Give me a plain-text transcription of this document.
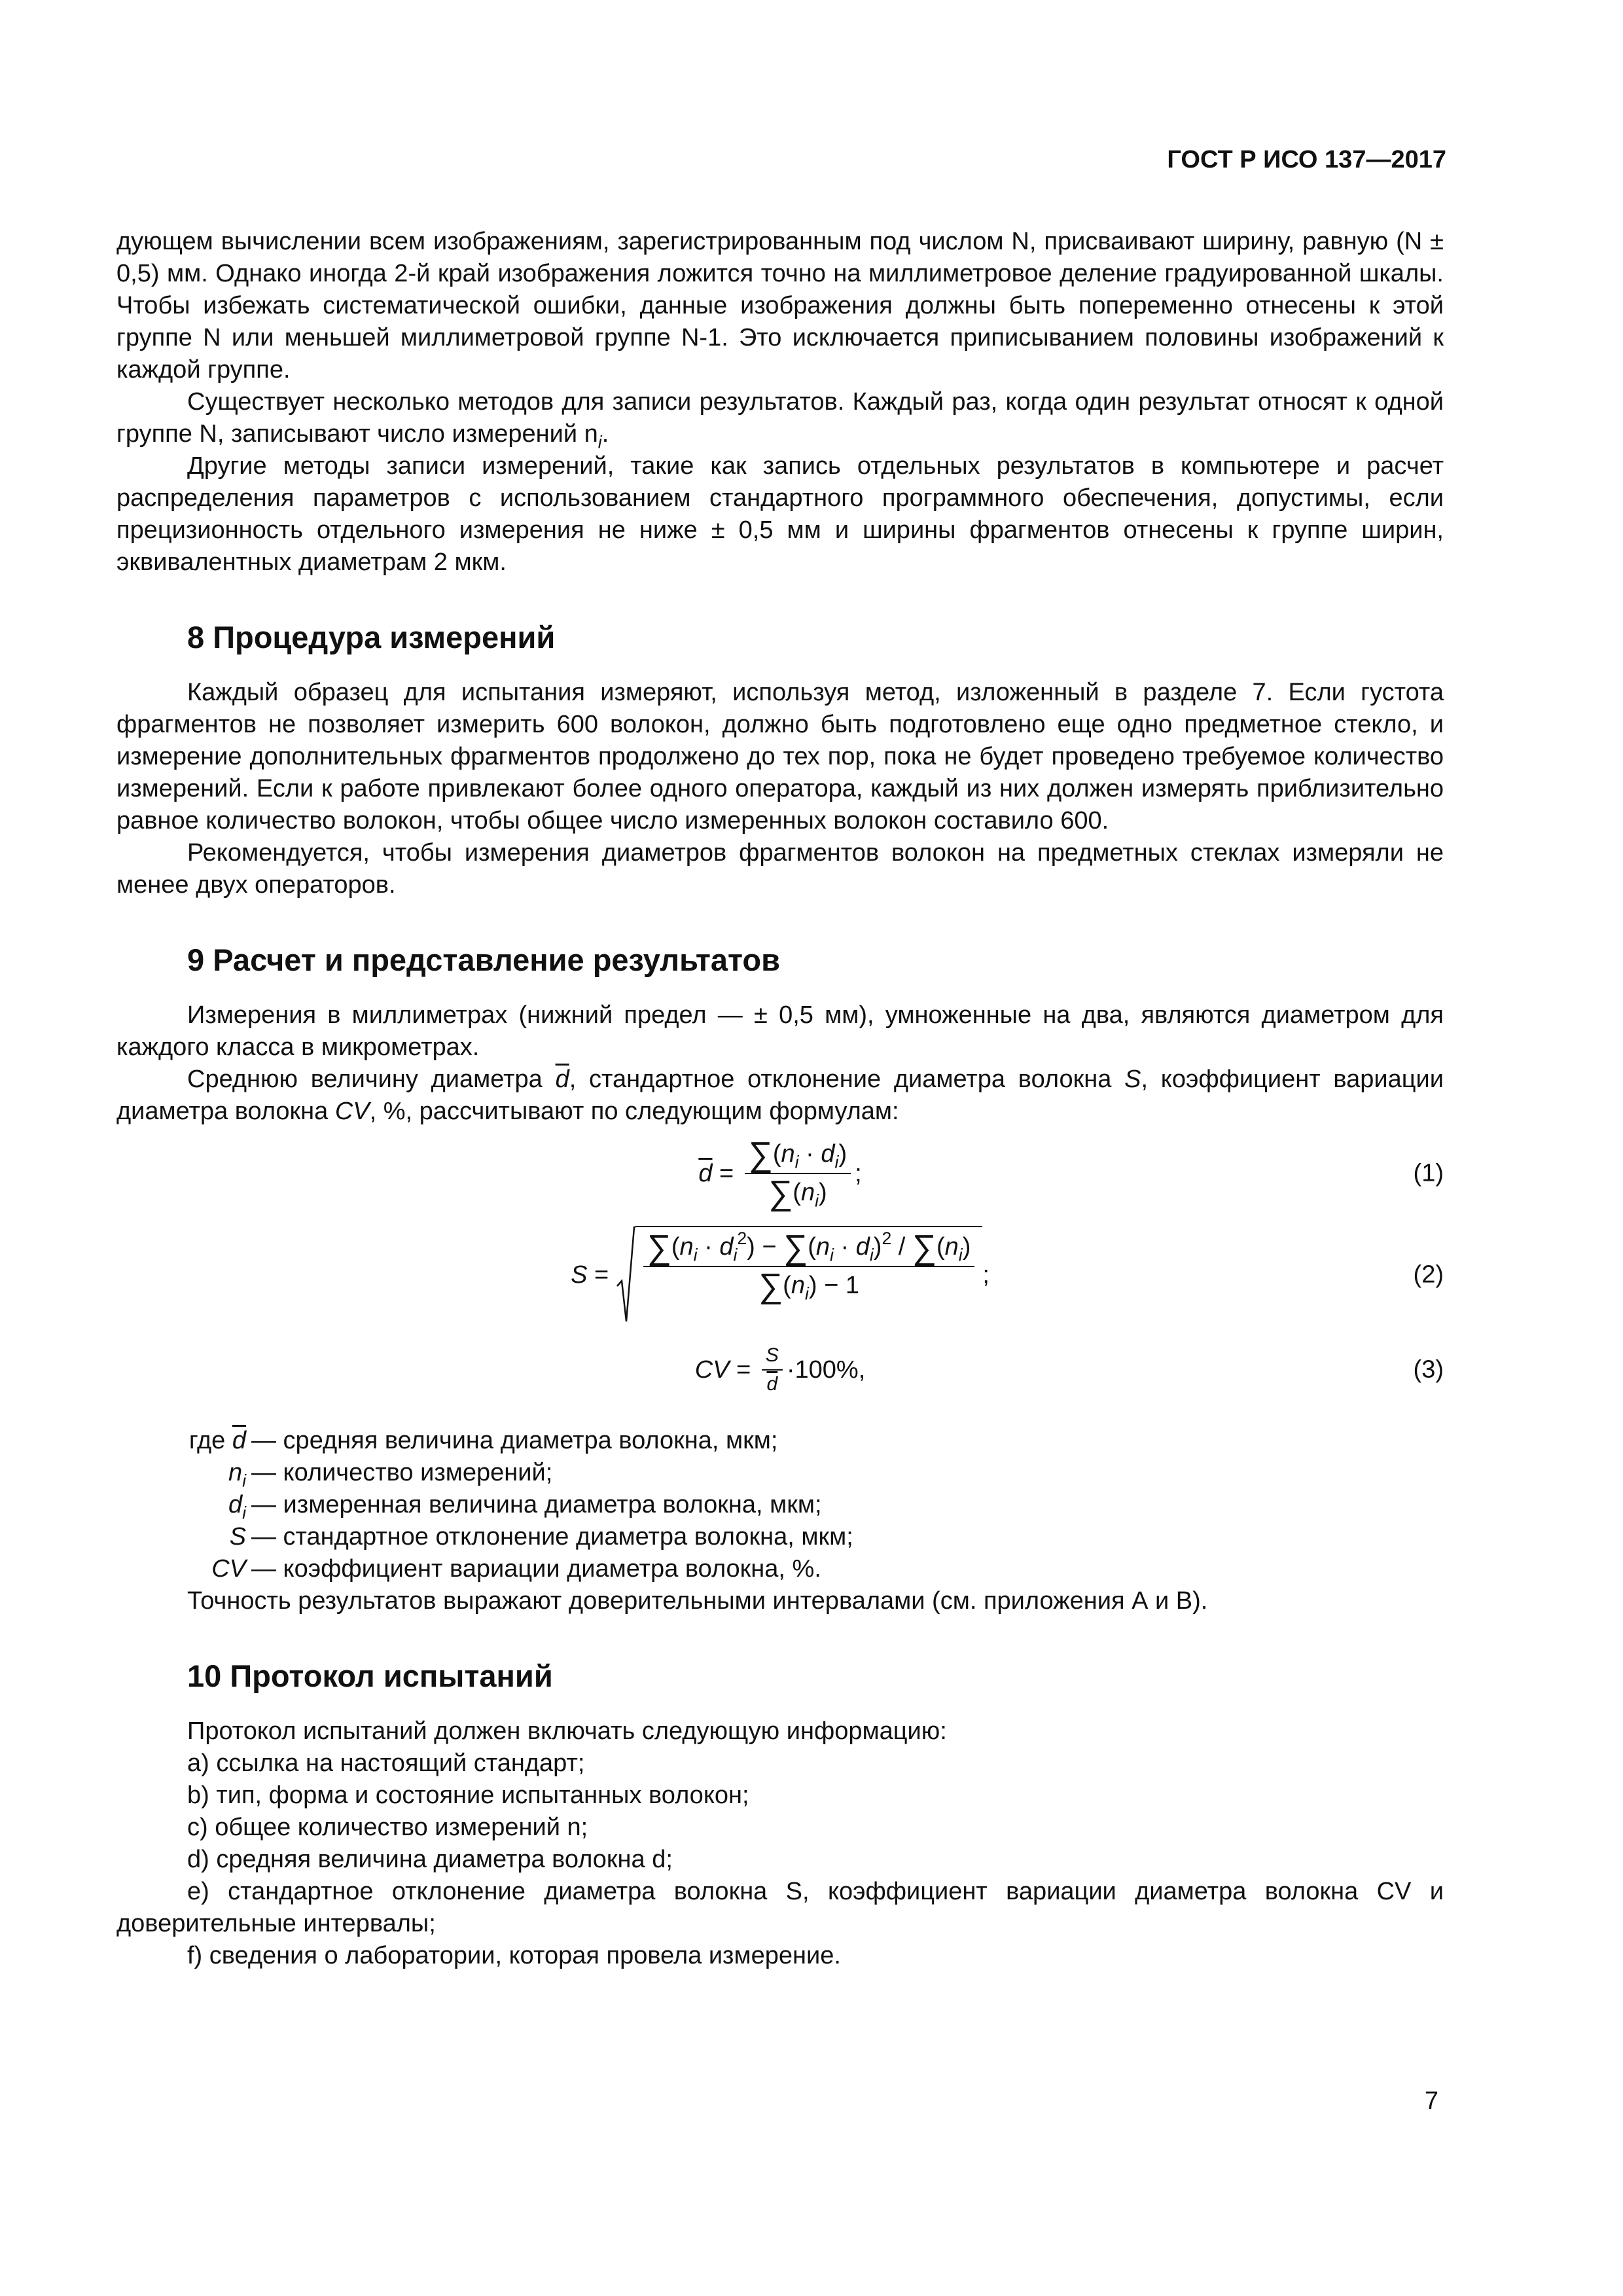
ГОСТ Р ИСО 137—2017

дующем вычислении всем изображениям, зарегистрированным под числом N, присваивают ширину, равную (N ± 0,5) мм. Однако иногда 2-й край изображения ложится точно на миллиметровое деление градуированной шкалы. Чтобы избежать систематической ошибки, данные изображения должны быть попеременно отнесены к этой группе N или меньшей миллиметровой группе N-1. Это исключается приписыванием половины изображений к каждой группе.

Существует несколько методов для записи результатов. Каждый раз, когда один результат относят к одной группе N, записывают число измерений $n_i$.

Другие методы записи измерений, такие как запись отдельных результатов в компьютере и расчет распределения параметров с использованием стандартного программного обеспечения, допустимы, если прецизионность отдельного измерения не ниже ± 0,5 мм и ширины фрагментов отнесены к группе ширин, эквивалентных диаметрам 2 мкм.

8 Процедура измерений

Каждый образец для испытания измеряют, используя метод, изложенный в разделе 7. Если густота фрагментов не позволяет измерить 600 волокон, должно быть подготовлено еще одно предметное стекло, и измерение дополнительных фрагментов продолжено до тех пор, пока не будет проведено требуемое количество измерений. Если к работе привлекают более одного оператора, каждый из них должен измерять приблизительно равное количество волокон, чтобы общее число измеренных волокон составило 600.

Рекомендуется, чтобы измерения диаметров фрагментов волокон на предметных стеклах измеряли не менее двух операторов.

9 Расчет и представление результатов

Измерения в миллиметрах (нижний предел — ± 0,5 мм), умноженные на два, являются диаметром для каждого класса в микрометрах.

Среднюю величину диаметра $\overline{d}$, стандартное отклонение диаметра волокна S, коэффициент вариации диаметра волокна CV, %, рассчитывают по следующим формулам:

$\overline{d} = \frac{\sum(n_i \cdot d_i)}{\sum(n_i)}$ ;	(1)
$S = \frac{\sum(n_i \cdot d_i^2) - \sum(n_i \cdot d_i)^2 / \sum(n_i)}{\sum(n_i) - 1}$ ;	(2)
CV = $\frac{S}{d} \cdot 100\%$,	(3)
где $\overline{d}$ — средняя величина диаметра волокна, мкм;
$n_i$ — количество измерений;
$d_i$ — измеренная величина диаметра волокна, мкм;
S — стандартное отклонение диаметра волокна, мкм;
CV — коэффициент вариации диаметра волокна, %.

Точность результатов выражают доверительными интервалами (см. приложения А и В).

10 Протокол испытаний

Протокол испытаний должен включать следующую информацию:

а) ссылка на настоящий стандарт;

b) тип, форма и состояние испытанных волокон;

c) общее количество измерений n;

d) средняя величина диаметра волокна d;

e) стандартное отклонение диаметра волокна S, коэффициент вариации диаметра волокна CV и доверительные интервалы;

f) сведения о лаборатории, которая провела измерение.

7
